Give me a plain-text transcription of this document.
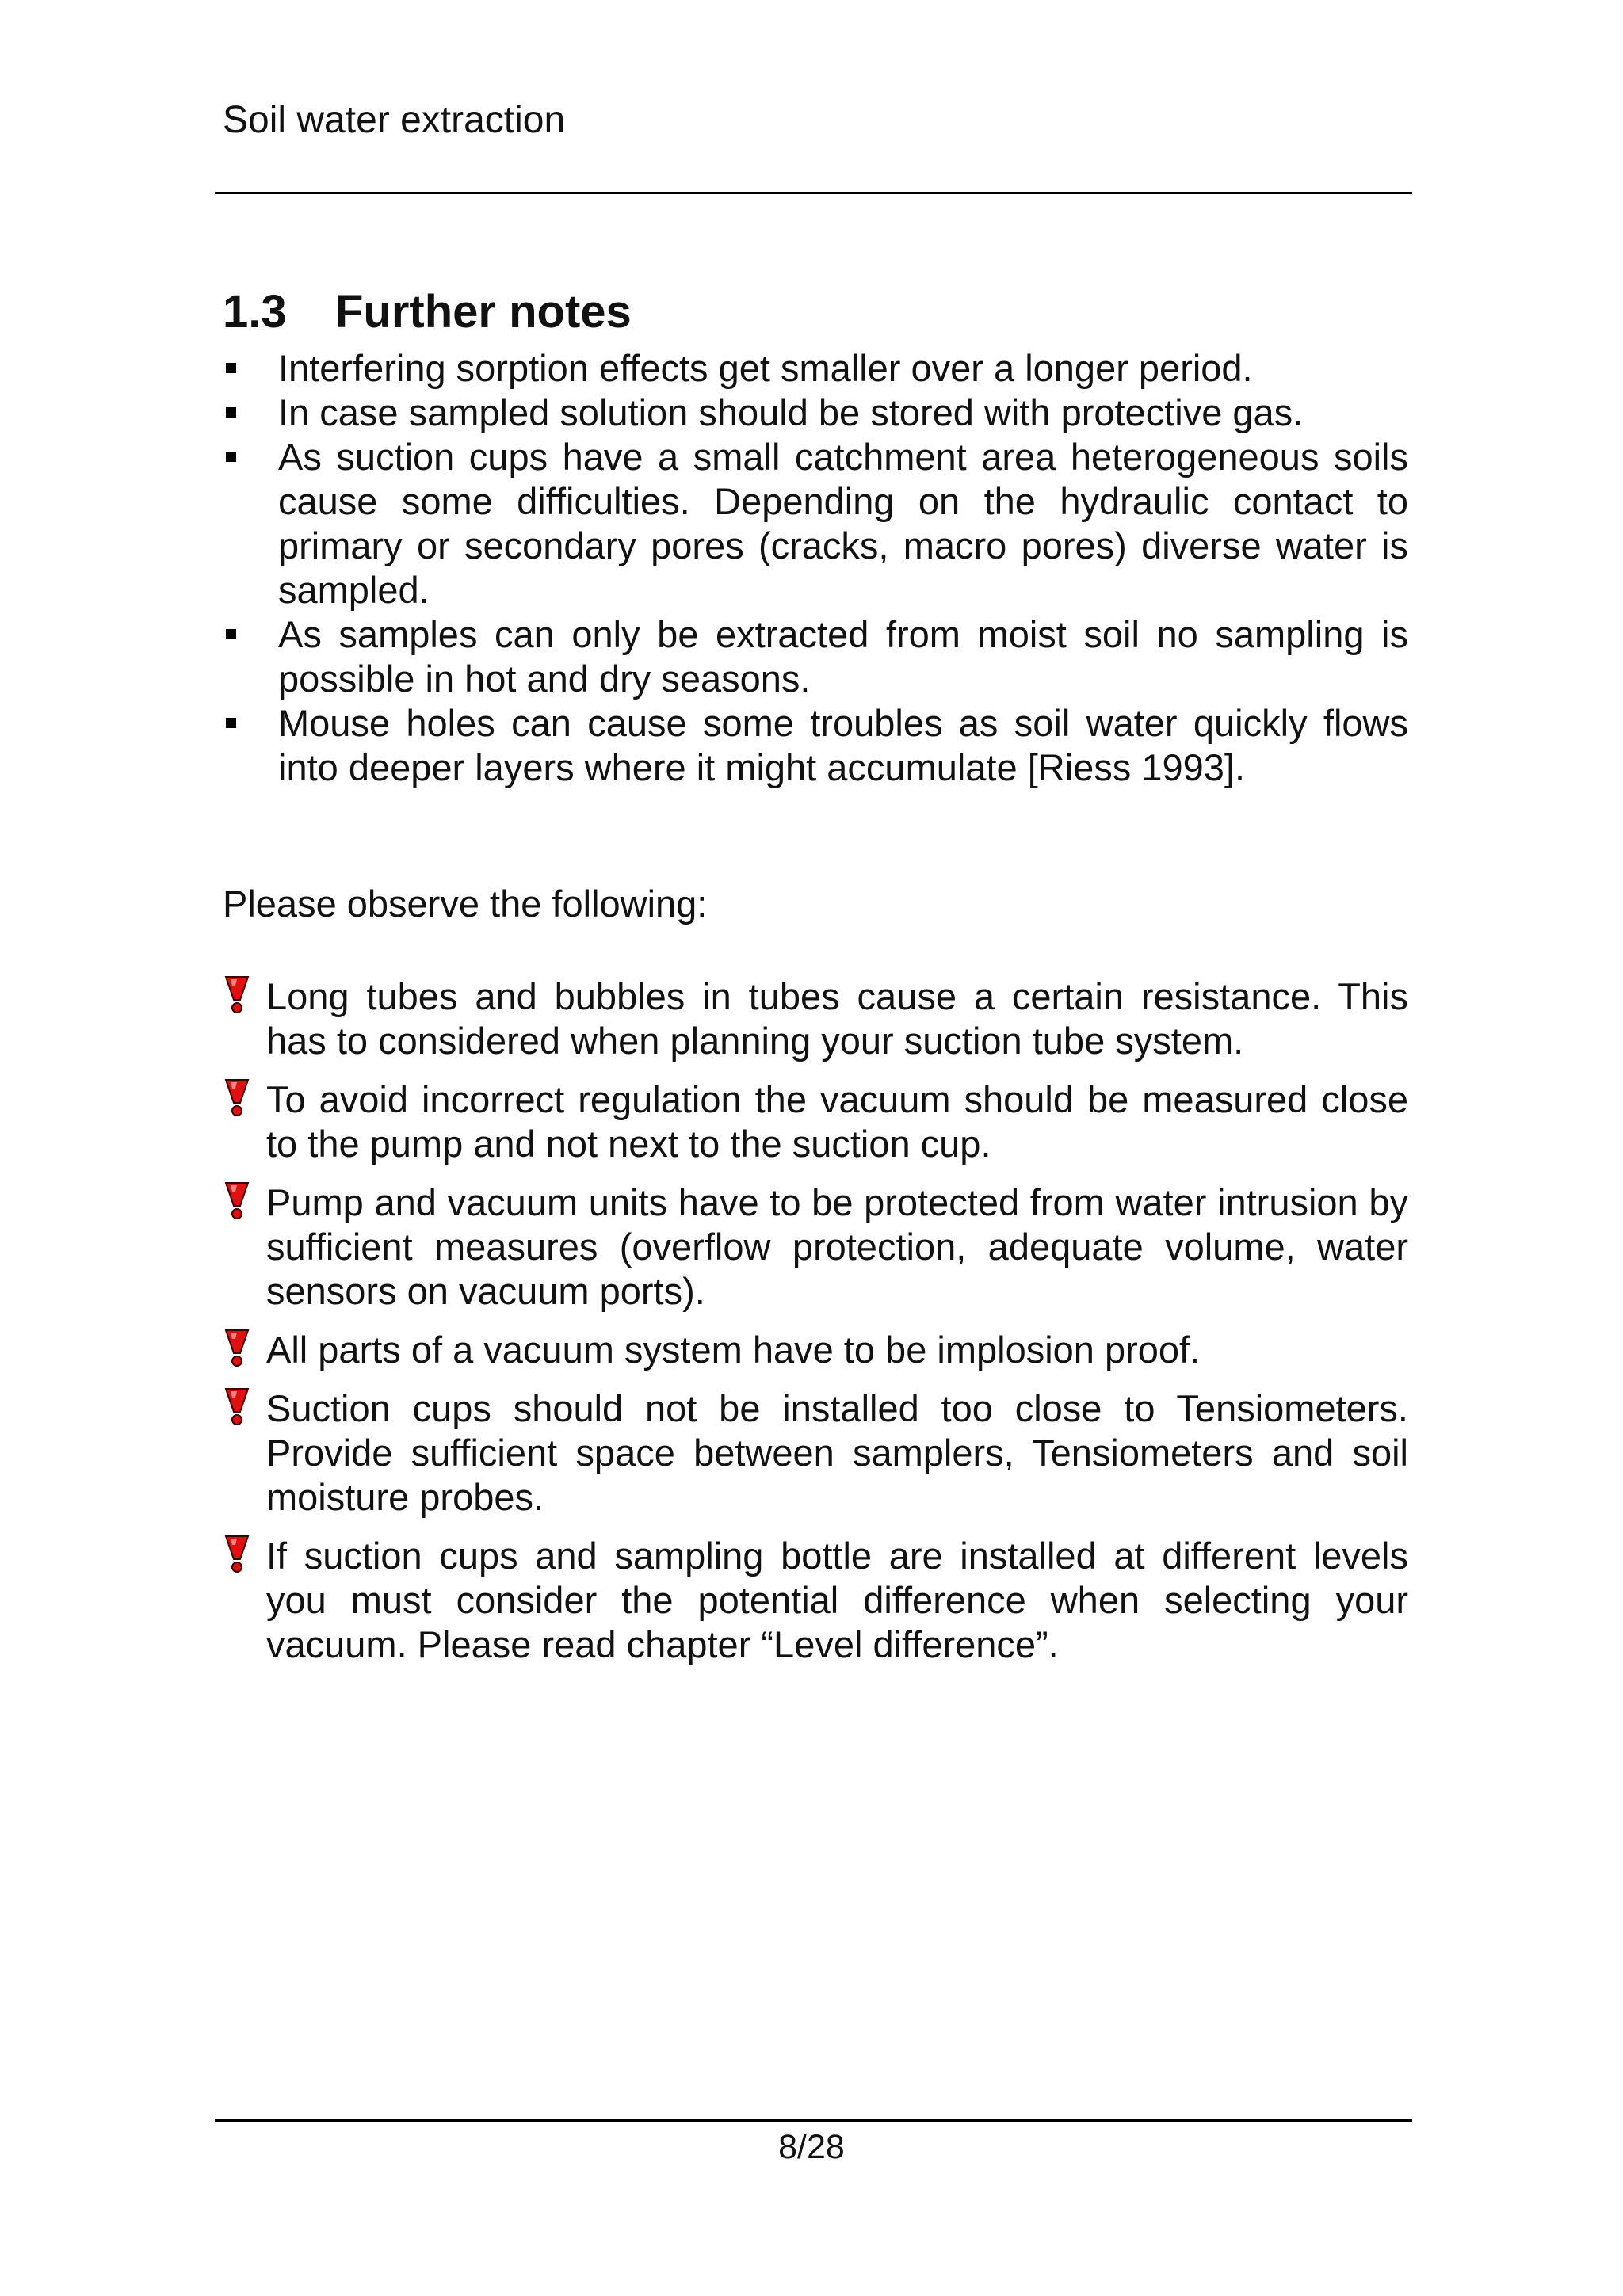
Soil water extraction
1.3 Further notes
Interfering sorption effects get smaller over a longer period.
In case sampled solution should be stored with protective gas.
As suction cups have a small catchment area heterogeneous soils cause some difficulties. Depending on the hydraulic contact to primary or secondary pores (cracks, macro pores) diverse water is sampled.
As samples can only be extracted from moist soil no sampling is possible in hot and dry seasons.
Mouse holes can cause some troubles as soil water quickly flows into deeper layers where it might accumulate [Riess 1993].
Please observe the following:
Long tubes and bubbles in tubes cause a certain resistance. This has to considered when planning your suction tube system.
To avoid incorrect regulation the vacuum should be measured close to the pump and not next to the suction cup.
Pump and vacuum units have to be protected from water intrusion by sufficient measures (overflow protection, adequate volume, water sensors on vacuum ports).
All parts of a vacuum system have to be implosion proof.
Suction cups should not be installed too close to Tensiometers. Provide sufficient space between samplers, Tensiometers and soil moisture probes.
If suction cups and sampling bottle are installed at different levels you must consider the potential difference when selecting your vacuum. Please read chapter “Level difference”.
8/28
